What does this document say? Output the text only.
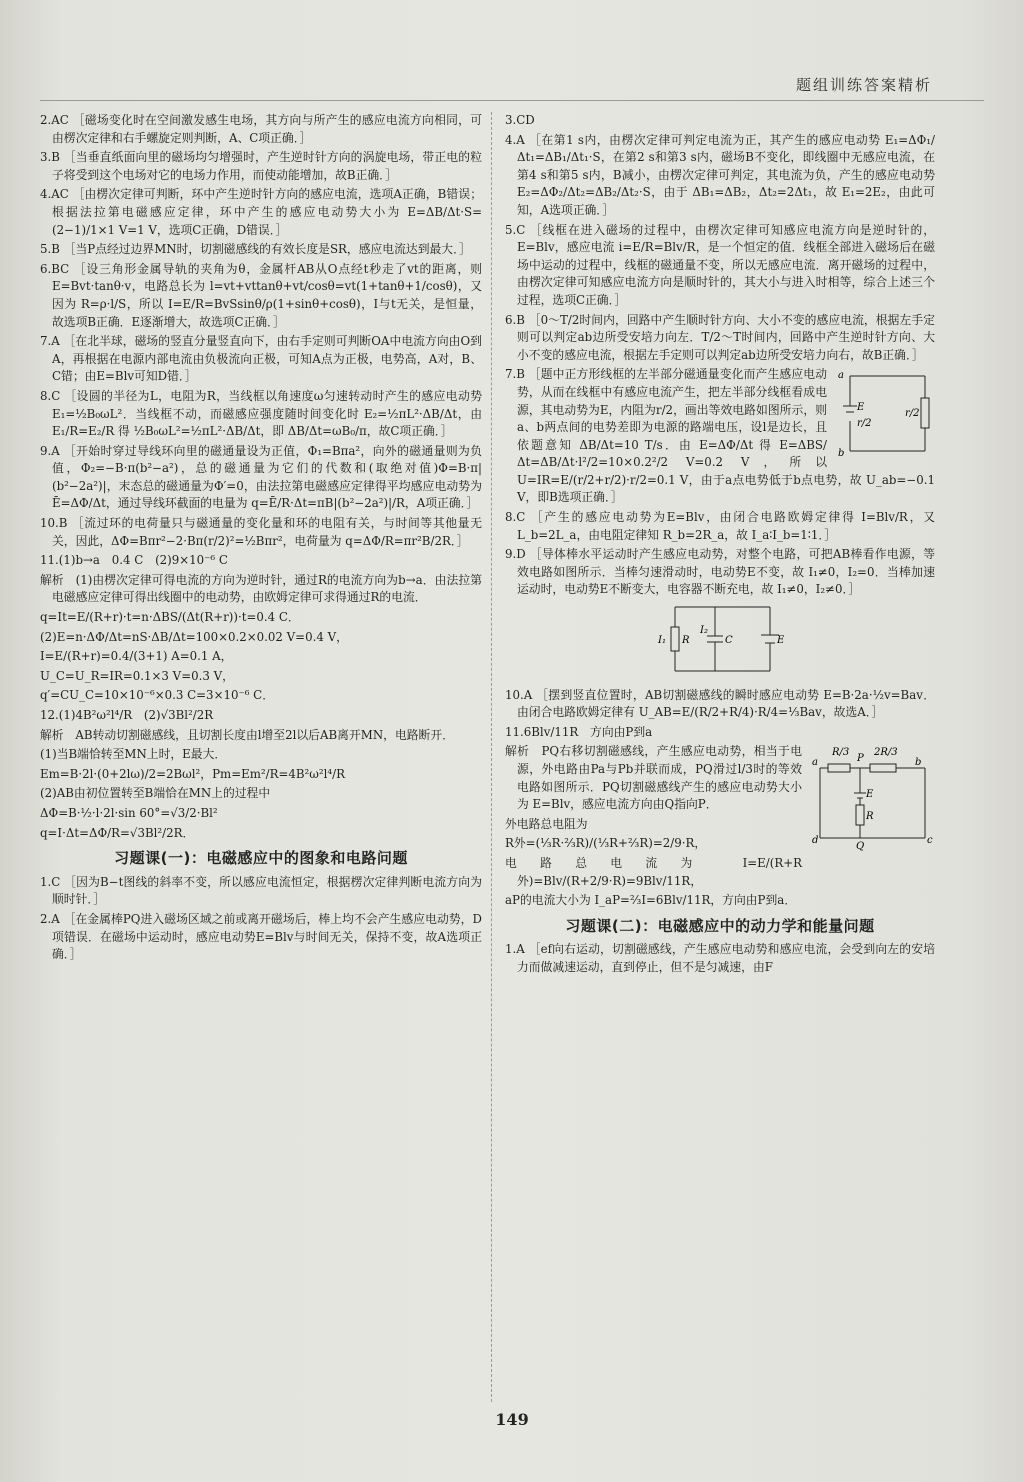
题组训练答案精析
2.AC ［磁场变化时在空间激发感生电场，其方向与所产生的感应电流方向相同，可由楞次定律和右手螺旋定则判断，A、C项正确．］
3.B ［当垂直纸面向里的磁场均匀增强时，产生逆时针方向的涡旋电场，带正电的粒子将受到这个电场对它的电场力作用，而使动能增加，故B正确．］
4.AC ［由楞次定律可判断，环中产生逆时针方向的感应电流，选项A正确，B错误；根据法拉第电磁感应定律，环中产生的感应电动势大小为 E=ΔB/Δt·S=(2−1)/1×1 V=1 V，选项C正确，D错误．］
5.B ［当P点经过边界MN时，切割磁感线的有效长度是SR，感应电流达到最大．］
6.BC ［设三角形金属导轨的夹角为θ，金属杆AB从O点经t秒走了vt的距离，则 E=Bvt·tanθ·v，电路总长为 l=vt+vttanθ+vt/cosθ=vt(1+tanθ+1/cosθ)，又因为 R=ρ·l/S，所以 I=E/R=BvSsinθ/ρ(1+sinθ+cosθ)，I与t无关，是恒量，故选项B正确．E逐渐增大，故选项C正确．］
7.A ［在北半球，磁场的竖直分量竖直向下，由右手定则可判断OA中电流方向由O到A，再根据在电源内部电流由负极流向正极，可知A点为正极，电势高，A对，B、C错；由E=Blv可知D错．］
8.C ［设圆的半径为L，电阻为R，当线框以角速度ω匀速转动时产生的感应电动势 E₁=½B₀ωL²．当线框不动，而磁感应强度随时间变化时 E₂=½πL²·ΔB/Δt，由 E₁/R=E₂/R 得 ½B₀ωL²=½πL²·ΔB/Δt，即 ΔB/Δt=ωB₀/π，故C项正确．］
9.A ［开始时穿过导线环向里的磁通量设为正值，Φ₁=Bπa²，向外的磁通量则为负值，Φ₂=−B·π(b²−a²)，总的磁通量为它们的代数和(取绝对值)Φ=B·π|(b²−2a²)|，末态总的磁通量为Φ′=0，由法拉第电磁感应定律得平均感应电动势为 Ē=ΔΦ/Δt，通过导线环截面的电量为 q=Ē/R·Δt=πB|(b²−2a²)|/R，A项正确．］
10.B ［流过环的电荷量只与磁通量的变化量和环的电阻有关，与时间等其他量无关，因此，ΔΦ=Bπr²−2·Bπ(r/2)²=½Bπr²，电荷量为 q=ΔΦ/R=πr²B/2R．］
11.(1)b→a　0.4 C　(2)9×10⁻⁶ C
解析　(1)由楞次定律可得电流的方向为逆时针，通过R的电流方向为b→a．由法拉第电磁感应定律可得出线圈中的电动势，由欧姆定律可求得通过R的电流．
q=It=E/(R+r)·t=n·ΔBS/(Δt(R+r))·t=0.4 C．
(2)E=n·ΔΦ/Δt=nS·ΔB/Δt=100×0.2×0.02 V=0.4 V，
I=E/(R+r)=0.4/(3+1) A=0.1 A，
U_C=U_R=IR=0.1×3 V=0.3 V，
q′=CU_C=10×10⁻⁶×0.3 C=3×10⁻⁶ C．
12.(1)4B²ω²l⁴/R　(2)√3Bl²/2R
解析　AB转动切割磁感线，且切割长度由l增至2l以后AB离开MN，电路断开．
(1)当B端恰转至MN上时，E最大．
Em=B·2l·(0+2lω)/2=2Bωl²，Pm=Em²/R=4B²ω²l⁴/R
(2)AB由初位置转至B端恰在MN上的过程中
ΔΦ=B·½·l·2l·sin 60°=√3/2·Bl²
q=I·Δt=ΔΦ/R=√3Bl²/2R．
习题课(一)：电磁感应中的图象和电路问题
1.C ［因为B−t图线的斜率不变，所以感应电流恒定，根据楞次定律判断电流方向为顺时针．］
2.A ［在金属棒PQ进入磁场区域之前或离开磁场后，棒上均不会产生感应电动势，D项错误．在磁场中运动时，感应电动势E=Blv与时间无关，保持不变，故A选项正确．］
3.CD
4.A ［在第1 s内，由楞次定律可判定电流为正，其产生的感应电动势 E₁=ΔΦ₁/Δt₁=ΔB₁/Δt₁·S，在第2 s和第3 s内，磁场B不变化，即线圈中无感应电流，在第4 s和第5 s内，B减小，由楞次定律可判定，其电流为负，产生的感应电动势 E₂=ΔΦ₂/Δt₂=ΔB₂/Δt₂·S，由于 ΔB₁=ΔB₂，Δt₂=2Δt₁，故 E₁=2E₂，由此可知，A选项正确．］
5.C ［线框在进入磁场的过程中，由楞次定律可知感应电流方向是逆时针的，E=Blv，感应电流 i=E/R=Blv/R，是一个恒定的值．线框全部进入磁场后在磁场中运动的过程中，线框的磁通量不变，所以无感应电流．离开磁场的过程中，由楞次定律可知感应电流方向是顺时针的，其大小与进入时相等，综合上述三个过程，选项C正确．］
6.B ［0～T/2时间内，回路中产生顺时针方向、大小不变的感应电流，根据左手定则可以判定ab边所受安培力向左．T/2～T时间内，回路中产生逆时针方向、大小不变的感应电流，根据左手定则可以判定ab边所受安培力向右，故B正确．］
a
b
E
r/2
r/2
7.B ［题中正方形线框的左半部分磁通量变化而产生感应电动势，从而在线框中有感应电流产生，把左半部分线框看成电源，其电动势为E，内阻为r/2，画出等效电路如图所示，则a、b两点间的电势差即为电源的路端电压，设l是边长，且依题意知 ΔB/Δt=10 T/s．由 E=ΔΦ/Δt 得 E=ΔBS/Δt=ΔB/Δt·l²/2=10×0.2²/2 V=0.2 V，所以 U=IR=E/(r/2+r/2)·r/2=0.1 V，由于a点电势低于b点电势，故 U_ab=−0.1 V，即B选项正确．］
8.C ［产生的感应电动势为E=Blv，由闭合电路欧姆定律得 I=Blv/R，又 L_b=2L_a，由电阻定律知 R_b=2R_a，故 I_a∶I_b=1∶1．］
9.D ［导体棒水平运动时产生感应电动势，对整个电路，可把AB棒看作电源，等效电路如图所示．当棒匀速滑动时，电动势E不变，故 I₁≠0，I₂=0．当棒加速运动时，电动势E不断变大，电容器不断充电，故 I₁≠0，I₂≠0．］
I₁ R
I₂
C	E
10.A ［摆到竖直位置时，AB切割磁感线的瞬时感应电动势 E=B·2a·½v=Bav．由闭合电路欧姆定律有 U_AB=E/(R/2+R/4)·R/4=⅓Bav，故选A．］
11.6Blv/11R　方向由P到a
R/3
P
2R/3
a	b
E
R
d
Q
c
解析　PQ右移切割磁感线，产生感应电动势，相当于电源，外电路由Pa与Pb并联而成，PQ滑过l/3时的等效电路如图所示．PQ切割磁感线产生的感应电动势大小为 E=Blv，感应电流方向由Q指向P．
外电路总电阻为
R外=(⅓R·⅔R)/(⅓R+⅔R)=2/9·R，
电路总电流为 I=E/(R+R外)=Blv/(R+2/9·R)=9Blv/11R，
aP的电流大小为 I_aP=⅔I=6Blv/11R，方向由P到a．
习题课(二)：电磁感应中的动力学和能量问题
1.A ［ef向右运动，切割磁感线，产生感应电动势和感应电流，会受到向左的安培力而做减速运动，直到停止，但不是匀减速，由F
149
